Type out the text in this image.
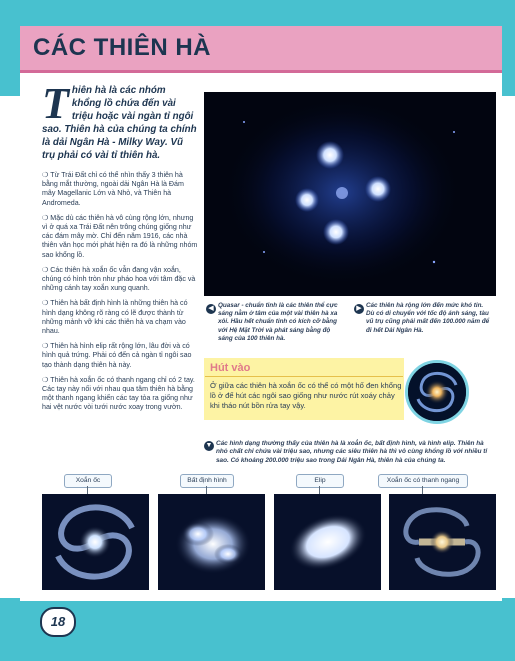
CÁC THIÊN HÀ
T hiên hà là các nhóm khổng lồ chứa đến vài triệu hoặc vài ngàn tỉ ngôi sao. Thiên hà của chúng ta chính là dải Ngân Hà - Milky Way. Vũ trụ phải có vài tỉ thiên hà.

❍ Từ Trái Đất chỉ có thể nhìn thấy 3 thiên hà bằng mắt thường, ngoài dải Ngân Hà là Đám mây Magellanic Lớn và Nhỏ, và Thiên hà Andromeda.

❍ Mặc dù các thiên hà vô cùng rộng lớn, nhưng vì ở quá xa Trái Đất nên trông chúng giống như các đám mây mờ. Chỉ đến năm 1916, các nhà thiên văn học mới phát hiện ra đó là những nhóm sao khổng lồ.

❍ Các thiên hà xoắn ốc vẫn đang vận xoắn, chúng có hình tròn như pháo hoa với tâm đặc và những cánh tay xoắn xung quanh.

❍ Thiên hà bất định hình là những thiên hà có hình dạng không rõ ràng có lẽ được thành từ những mảnh vỡ khi các thiên hà va chạm vào nhau.

❍ Thiên hà hình elip rất rộng lớn, lâu đời và có hình quả trứng. Phải có đến cả ngàn tỉ ngôi sao tạo thành dạng thiên hà này.

❍ Thiên hà xoắn ốc có thanh ngang chỉ có 2 tay. Các tay này nối với nhau qua tâm thiên hà bằng một thanh ngang khiến các tay tỏa ra giống như hai vệt nước vòi tưới nước xoay trong vườn.

◀ Quasar - chuẩn tinh là các thiên thể cực sáng nằm ở tâm của một vài thiên hà xa xôi. Hầu hết chuẩn tinh có kích cỡ bằng với Hệ Mặt Trời và phát sáng bằng độ sáng của 100 thiên hà.
▶ Các thiên hà rộng lớn đến mức khó tin. Dù có di chuyển với tốc độ ánh sáng, tàu vũ trụ cũng phải mất đến 100.000 năm để đi hết Dải Ngân Hà.
Hút vào
Ở giữa các thiên hà xoắn ốc có thể có một hố đen khổng lồ ở để hút các ngôi sao giống như nước rút xoáy chảy khi tháo nút bồn rửa tay vậy.
▼ Các hình dạng thường thấy của thiên hà là xoắn ốc, bất định hình, và hình elip. Thiên hà nhỏ chất chỉ chứa vài triệu sao, nhưng các siêu thiên hà thì vô cùng khổng lồ với nhiều tỉ sao. Có khoảng 200.000 triệu sao trong Dải Ngân Hà, thiên hà của chúng ta.
Xoắn ốc	Bất định hình	Elip	Xoắn ốc có thanh ngang
18
